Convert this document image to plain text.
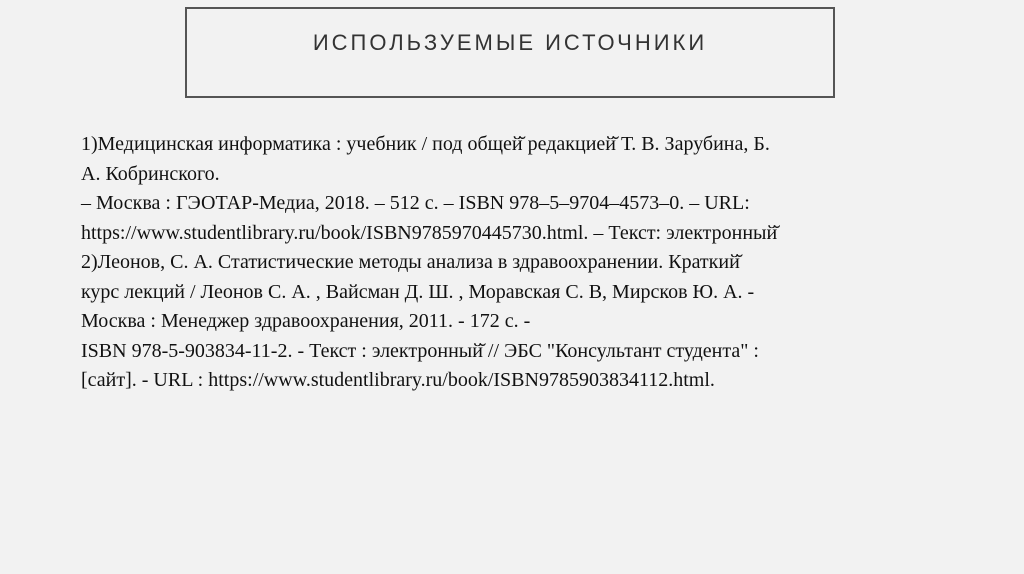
ИСПОЛЬЗУЕМЫЕ ИСТОЧНИКИ
1)Медицинская информатика : учебник / под общей̆ редакцией̆ Т. В. Зарубина, Б.
А. Кобринского.
– Москва : ГЭОТАР-Медиа, 2018. – 512 с. – ISBN 978–5–9704–4573–0. – URL:
https://www.studentlibrary.ru/book/ISBN9785970445730.html. – Текст: электронный̆
2)Леонов, С. А. Статистические методы анализа в здравоохранении. Краткий̆
курс лекций / Леонов С. А. , Вайсман Д. Ш. , Моравская С. В, Мирсков Ю. А. -
Москва : Менеджер здравоохранения, 2011. - 172 с. -
ISBN 978-5-903834-11-2. - Текст : электронный̆ // ЭБС "Консультант студента" :
[сайт]. - URL : https://www.studentlibrary.ru/book/ISBN9785903834112.html.
